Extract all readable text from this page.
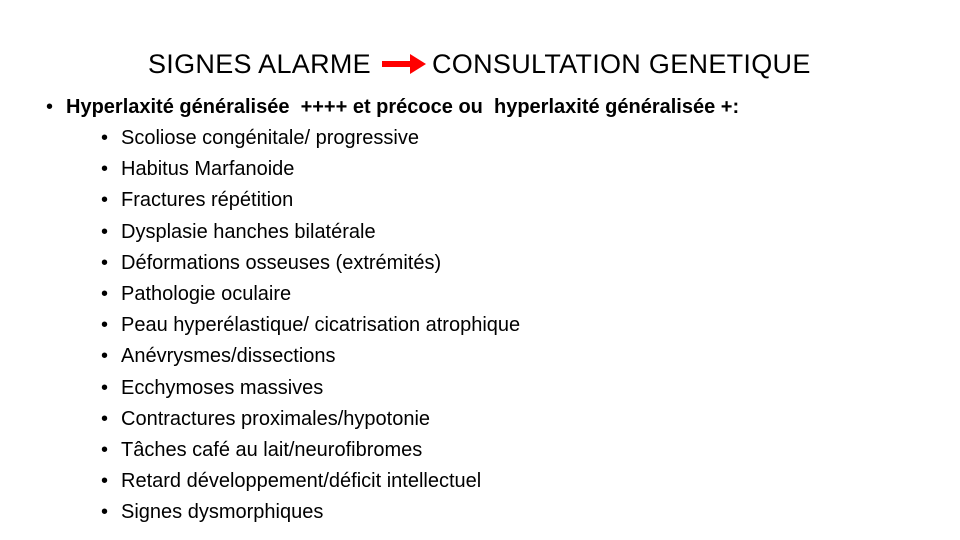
SIGNES ALARME CONSULTATION GENETIQUE
• Hyperlaxité généralisée  ++++ et précoce ou  hyperlaxité généralisée +:
• Scoliose congénitale/ progressive
• Habitus Marfanoide
• Fractures répétition
• Dysplasie hanches bilatérale
• Déformations osseuses (extrémités)
• Pathologie oculaire
• Peau hyperélastique/ cicatrisation atrophique
• Anévrysmes/dissections
• Ecchymoses massives
• Contractures proximales/hypotonie
• Tâches café au lait/neurofibromes
• Retard développement/déficit intellectuel
• Signes dysmorphiques
